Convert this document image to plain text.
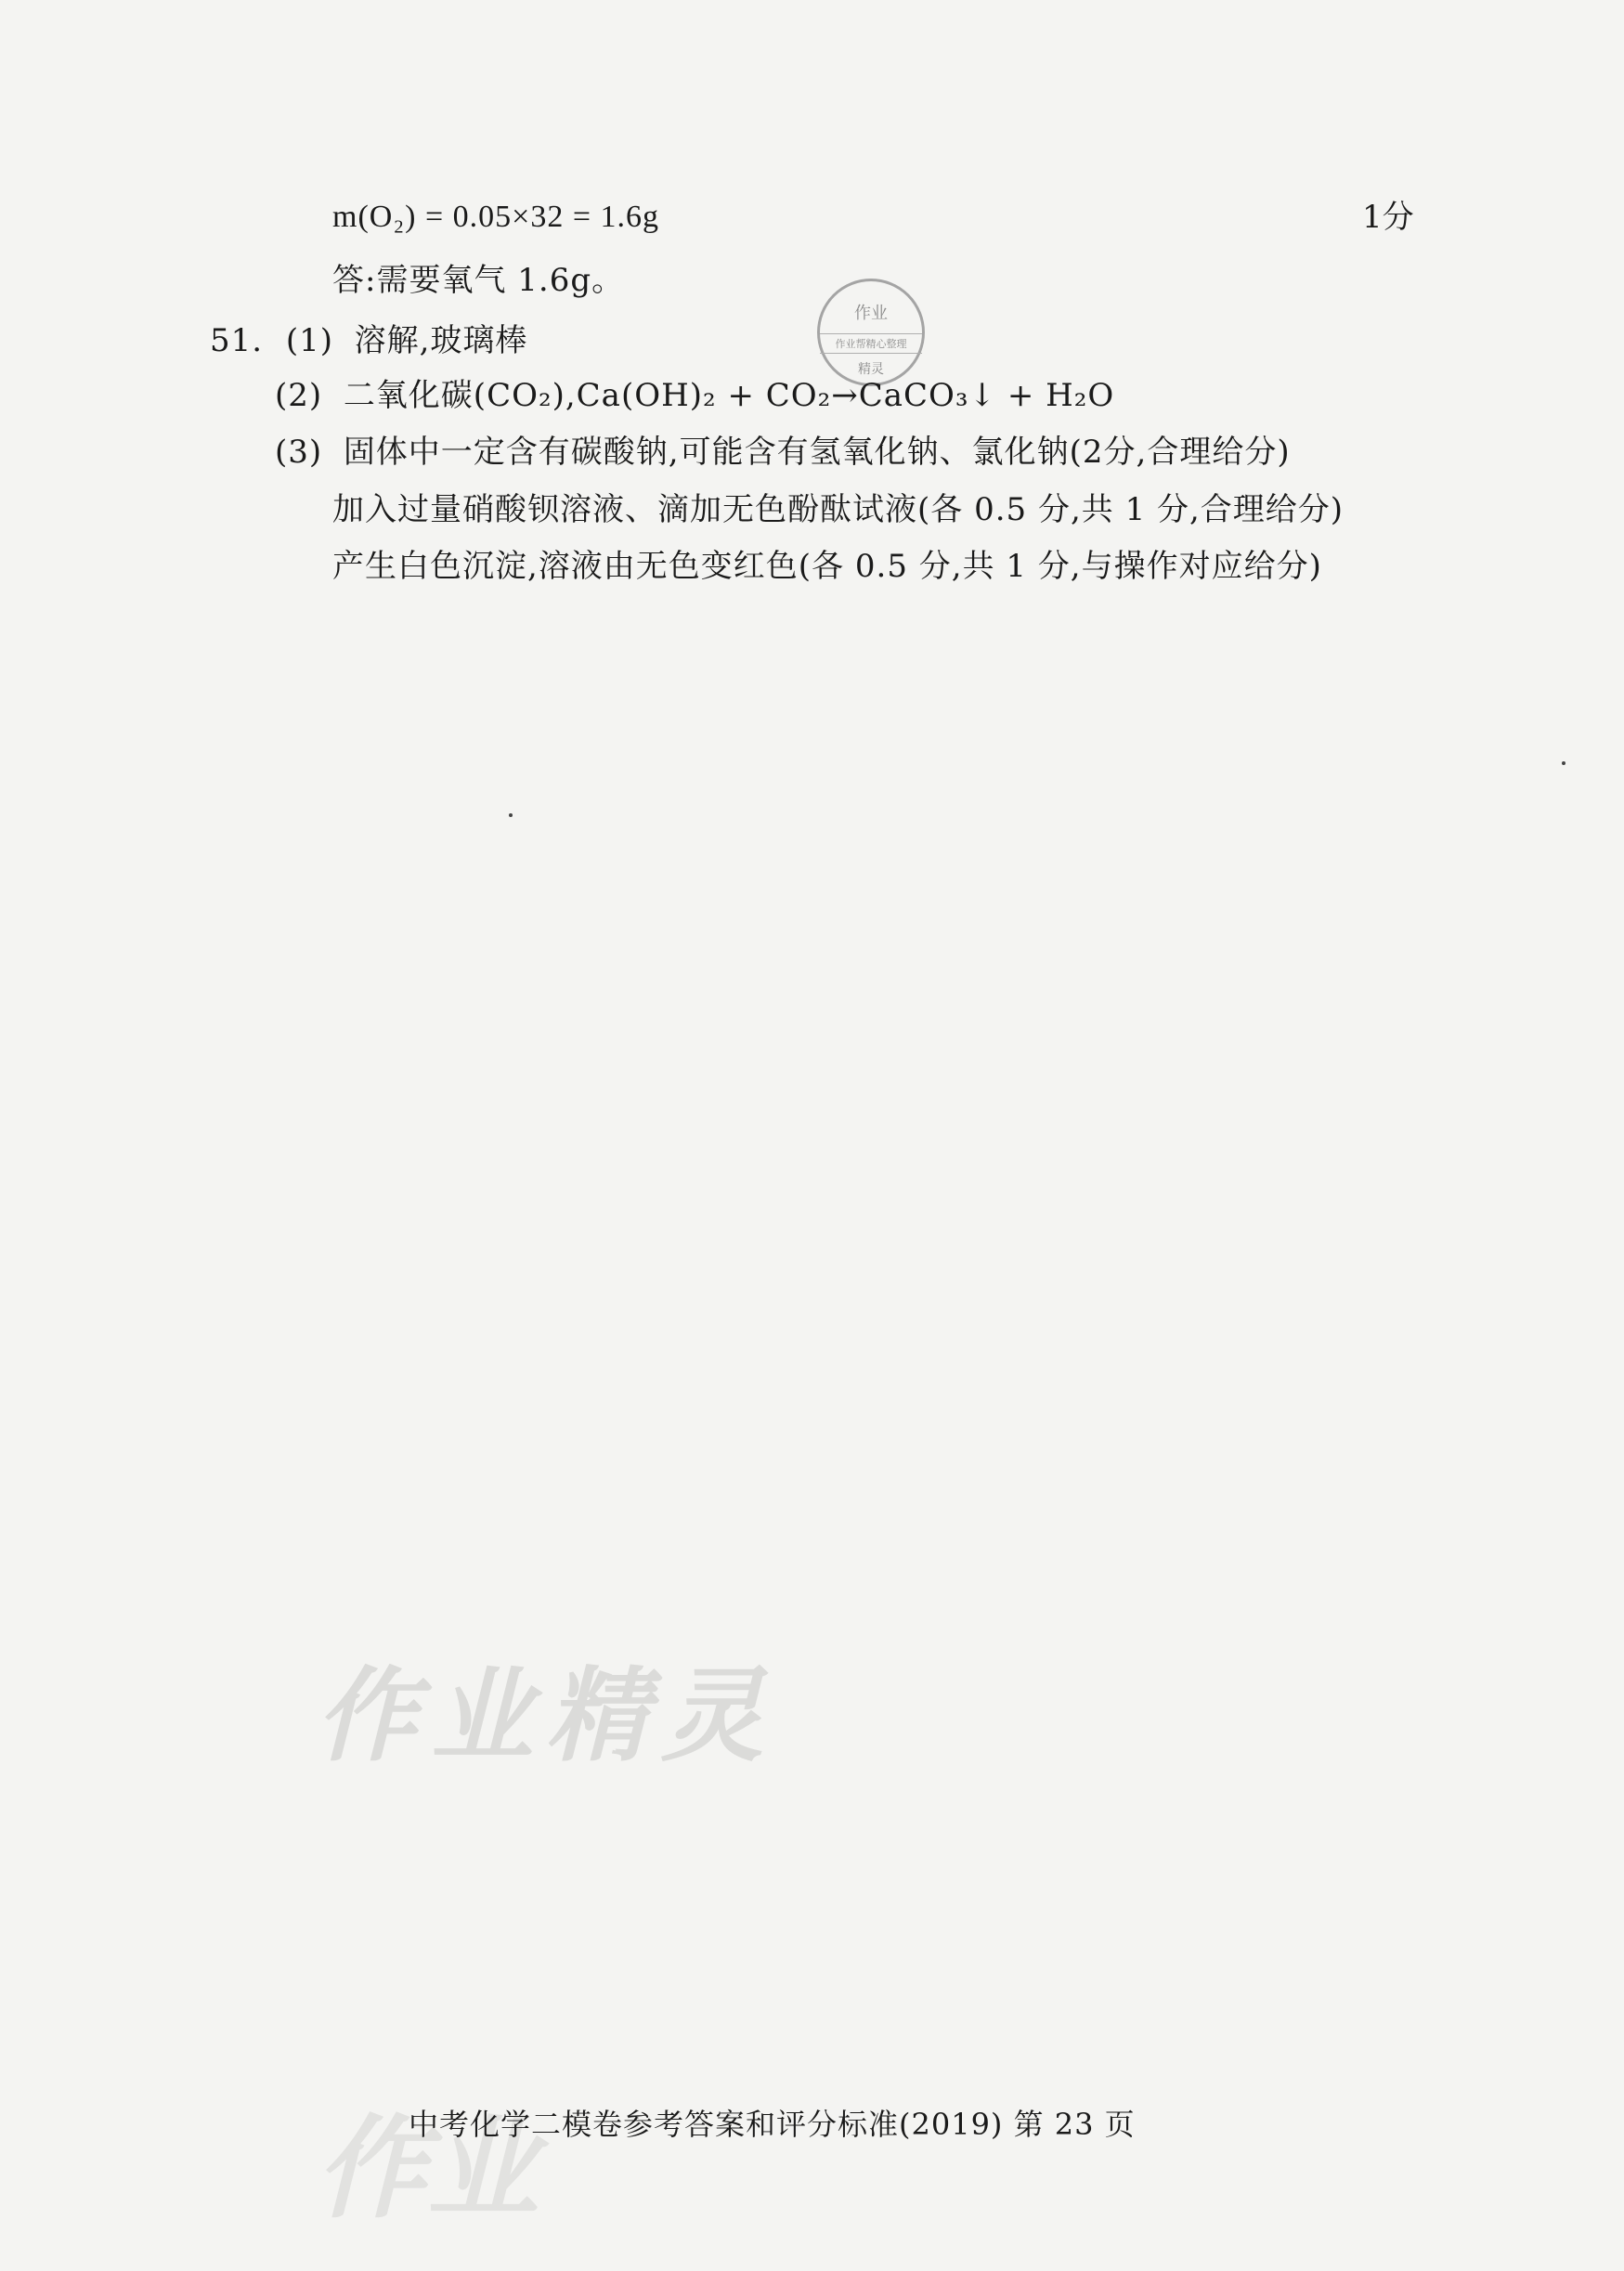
m(O₂) = 0.05×32 = 1.6g	1分
答:需要氧气 1.6g。
作业
作业帮精心整理
精灵
51. (1) 溶解,玻璃棒
(2) 二氧化碳(CO₂),Ca(OH)₂ + CO₂→CaCO₃↓ + H₂O
(3) 固体中一定含有碳酸钠,可能含有氢氧化钠、氯化钠(2分,合理给分)
加入过量硝酸钡溶液、滴加无色酚酞试液(各 0.5 分,共 1 分,合理给分)
产生白色沉淀,溶液由无色变红色(各 0.5 分,共 1 分,与操作对应给分)
作业精灵
作业
中考化学二模卷参考答案和评分标准(2019) 第 23 页
